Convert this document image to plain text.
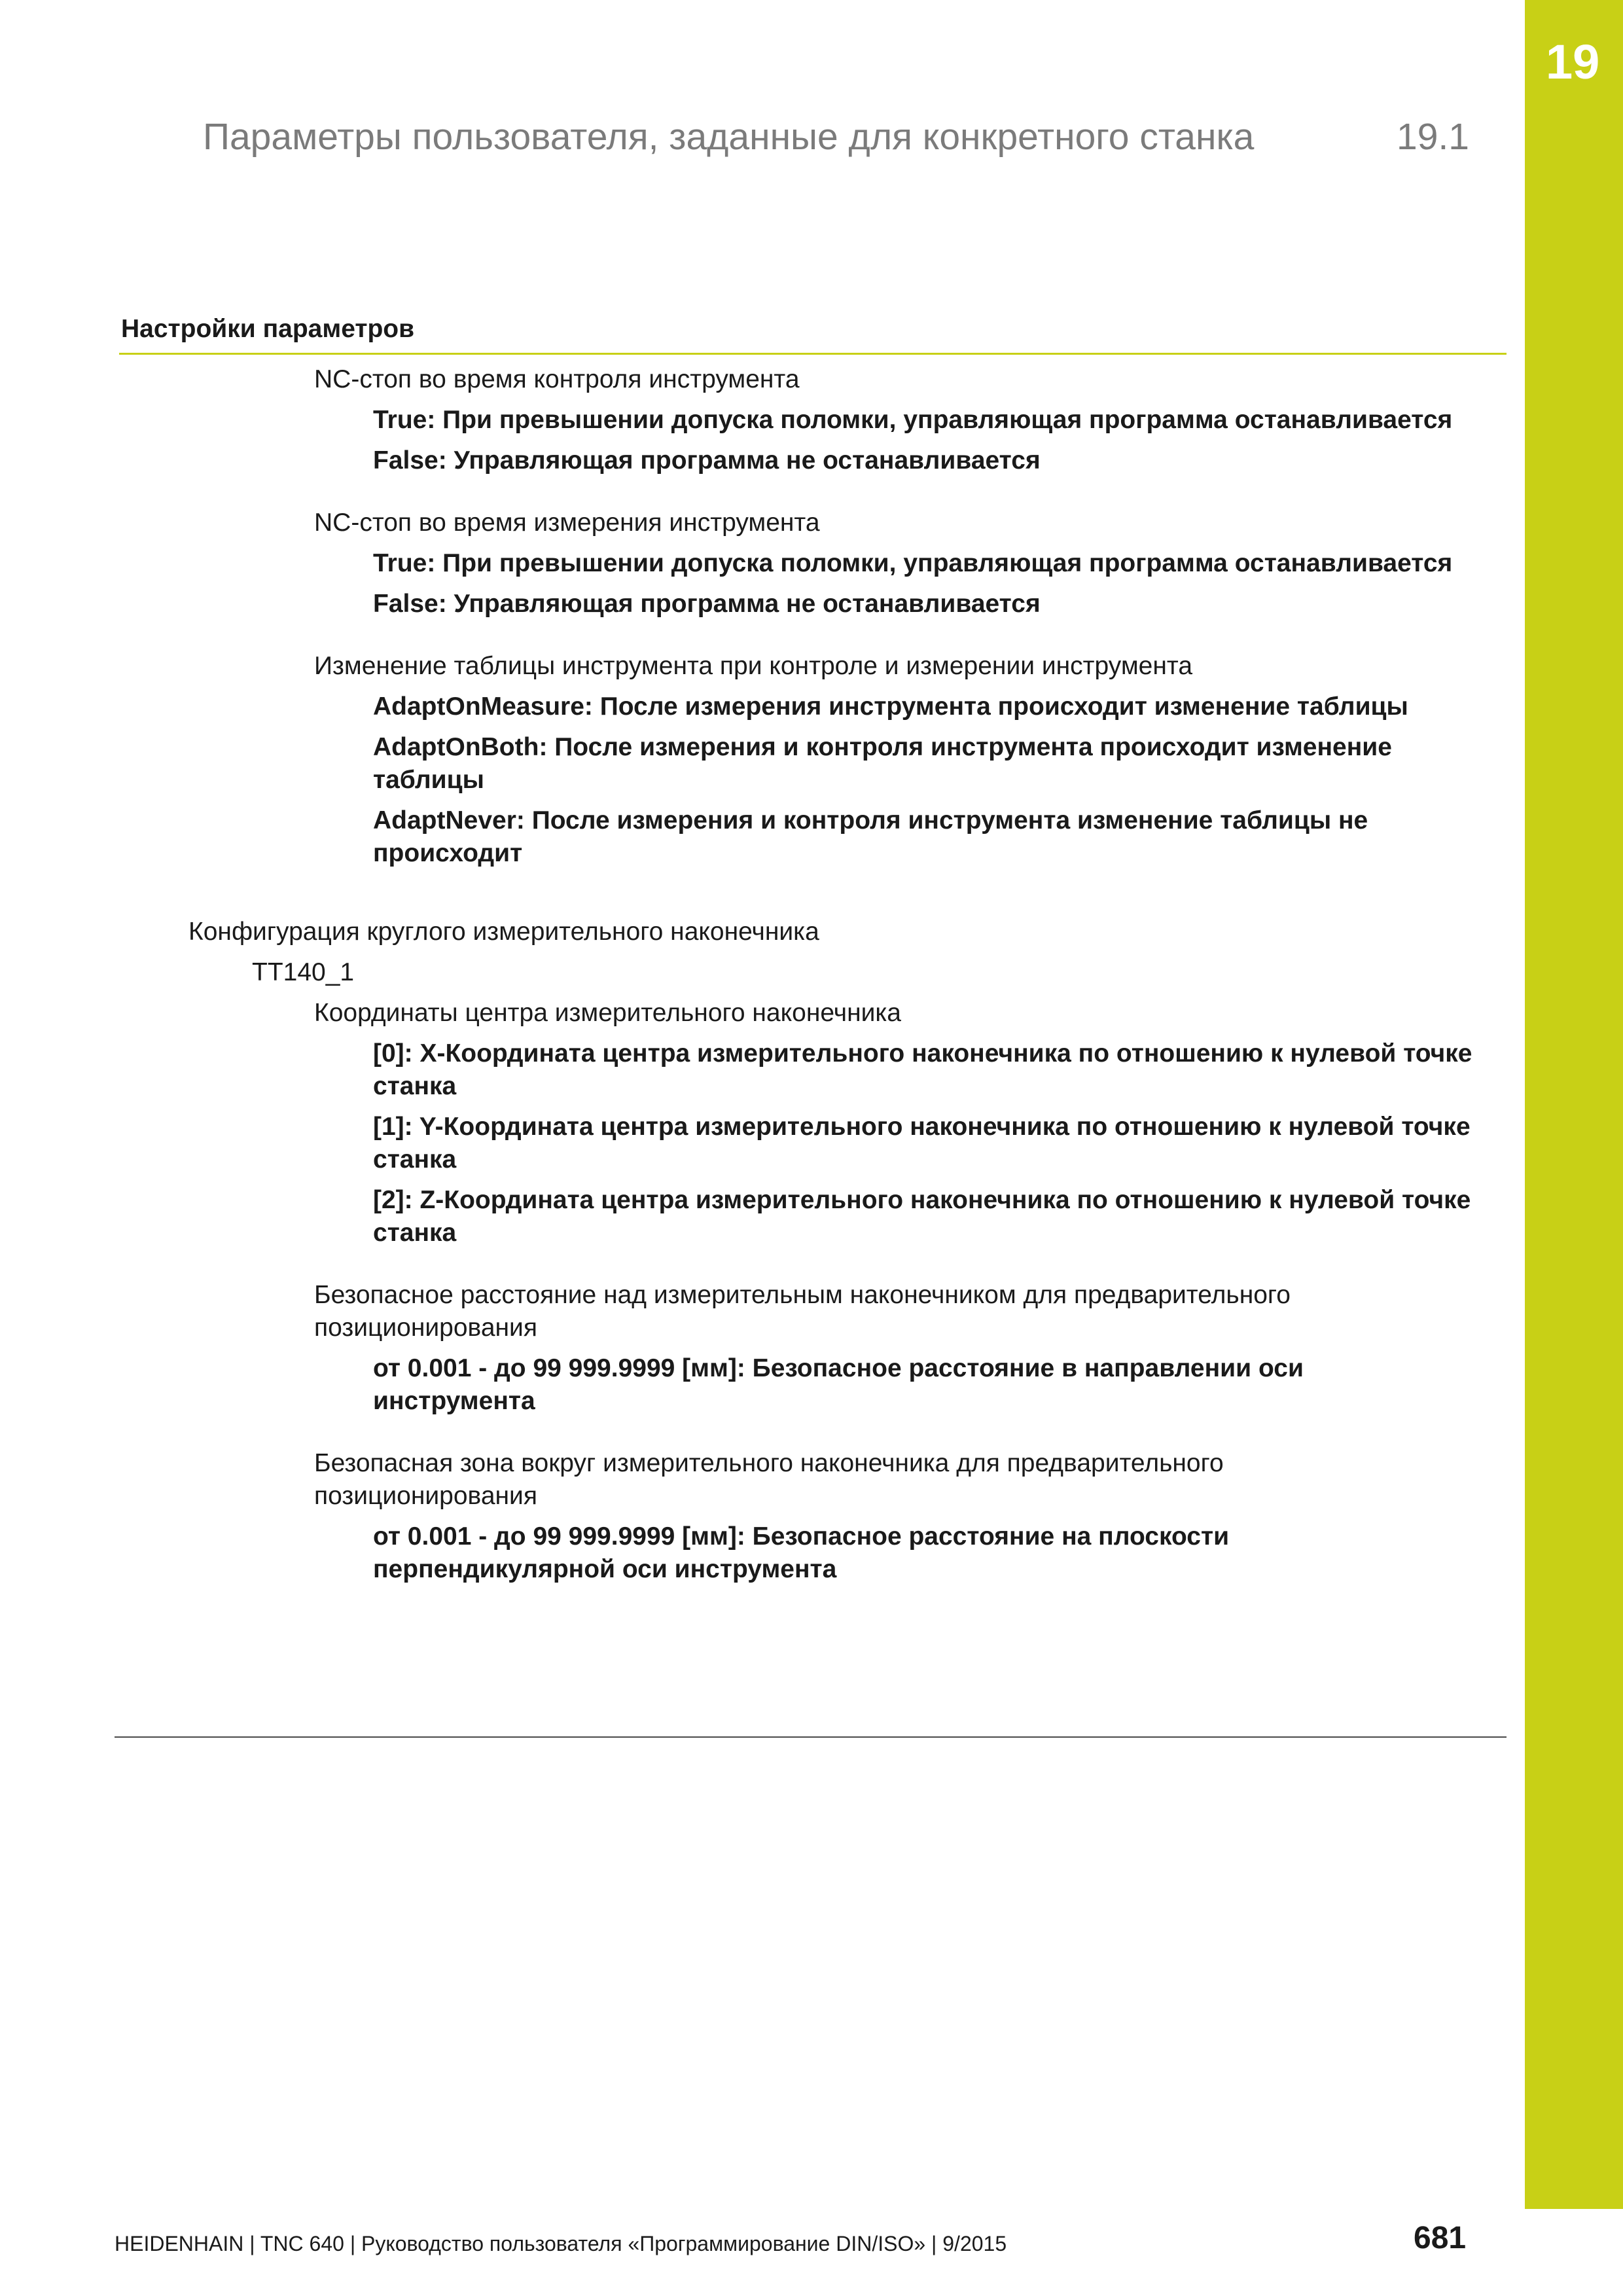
19
Параметры пользователя, заданные для конкретного станка	19.1
Настройки параметров

NC-стоп во время контроля инструмента

True: При превышении допуска поломки, управляющая программа останавливается

False: Управляющая программа не останавливается

NC-стоп во время измерения инструмента

True: При превышении допуска поломки, управляющая программа останавливается

False: Управляющая программа не останавливается

Изменение таблицы инструмента при контроле и измерении инструмента

AdaptOnMeasure: После измерения инструмента происходит изменение таблицы

AdaptOnBoth: После измерения и контроля инструмента происходит изменение таблицы

AdaptNever: После измерения и контроля инструмента изменение таблицы не происходит

Конфигурация круглого измерительного наконечника

TT140_1

Координаты центра измерительного наконечника

[0]: X-Координата центра измерительного наконечника по отношению к нулевой точке станка

[1]: Y-Координата центра измерительного наконечника по отношению к нулевой точке станка

[2]: Z-Координата центра измерительного наконечника по отношению к нулевой точке станка

Безопасное расстояние над измерительным наконечником для предварительного позиционирования

от 0.001 - до 99 999.9999 [мм]: Безопасное расстояние в направлении оси инструмента

Безопасная зона вокруг измерительного наконечника для предварительного позиционирования

от 0.001 - до 99 999.9999 [мм]: Безопасное расстояние на плоскости перпендикулярной оси инструмента

HEIDENHAIN | TNC 640 | Руководство пользователя «Программирование DIN/ISO» | 9/2015	681
